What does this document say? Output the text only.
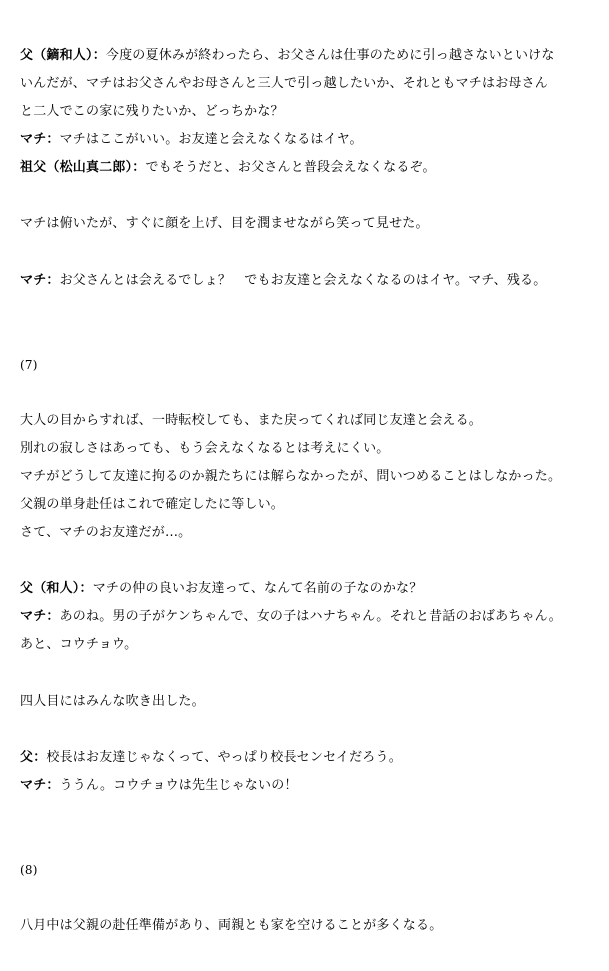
父（鏑和人）：今度の夏休みが終わったら、お父さんは仕事のために引っ越さないといけな
いんだが、マチはお父さんやお母さんと三人で引っ越したいか、それともマチはお母さん
と二人でこの家に残りたいか、どっちかな？
マチ：マチはここがいい。お友達と会えなくなるはイヤ。
祖父（松山真二郎）：でもそうだと、お父さんと普段会えなくなるぞ。
マチは俯いたが、すぐに顔を上げ、目を潤ませながら笑って見せた。
マチ：お父さんとは会えるでしょ？　でもお友達と会えなくなるのはイヤ。マチ、残る。
(7)
大人の目からすれば、一時転校しても、また戻ってくれば同じ友達と会える。
別れの寂しさはあっても、もう会えなくなるとは考えにくい。
マチがどうして友達に拘るのか親たちには解らなかったが、問いつめることはしなかった。
父親の単身赴任はこれで確定したに等しい。
さて、マチのお友達だが…。
父（和人）：マチの仲の良いお友達って、なんて名前の子なのかな？
マチ：あのね。男の子がケンちゃんで、女の子はハナちゃん。それと昔話のおばあちゃん。
あと、コウチョウ。
四人目にはみんな吹き出した。
父：校長はお友達じゃなくって、やっぱり校長センセイだろう。
マチ：ううん。コウチョウは先生じゃないの！
(8)
八月中は父親の赴任準備があり、両親とも家を空けることが多くなる。
